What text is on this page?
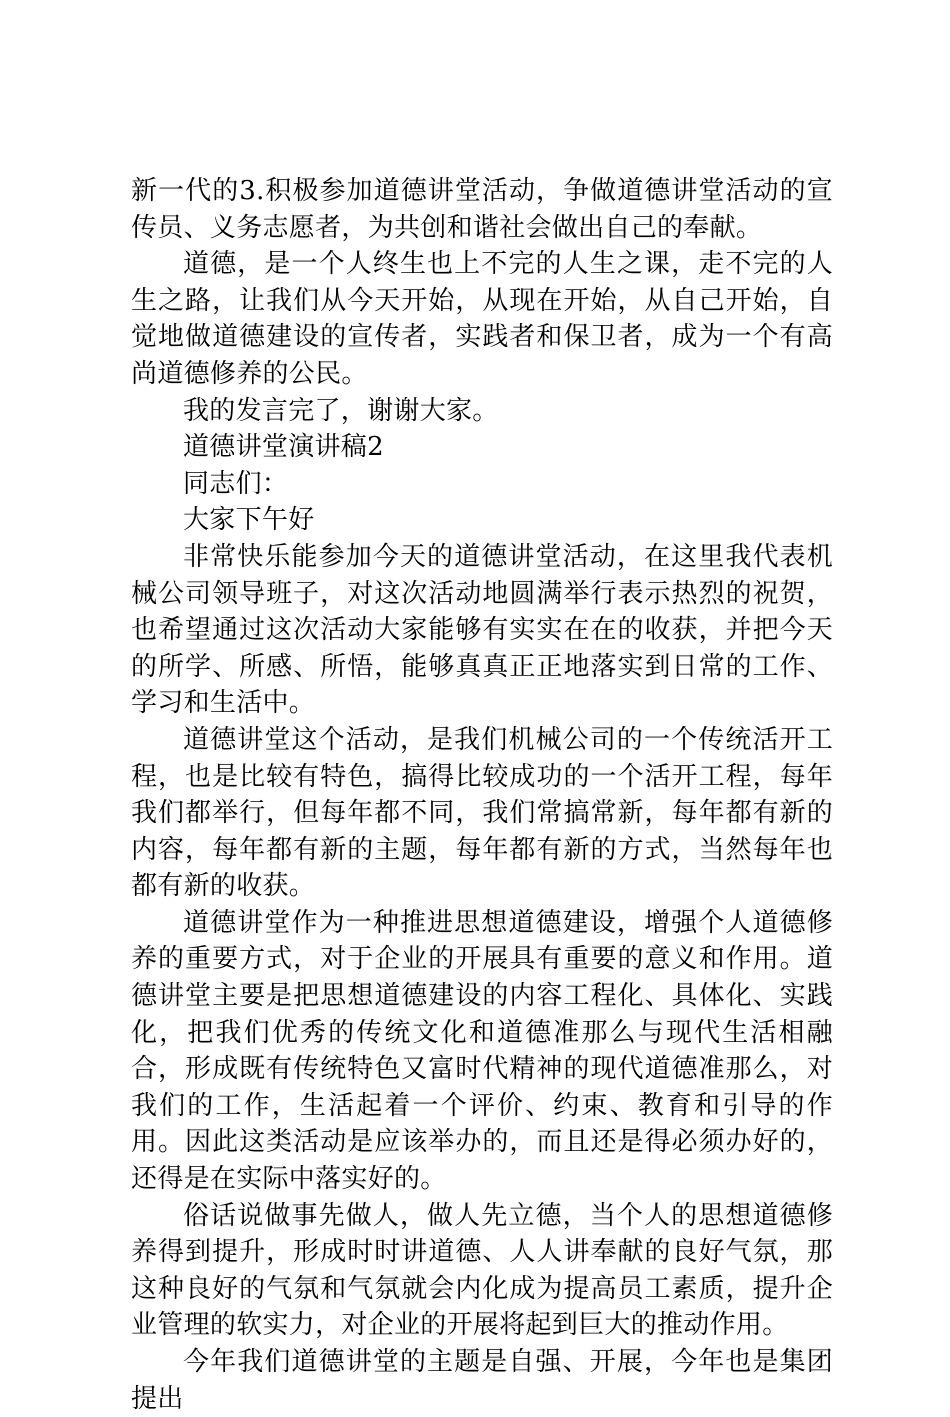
新一代的3.积极参加道德讲堂活动，争做道德讲堂活动的宣传员、义务志愿者，为共创和谐社会做出自己的奉献。

道德，是一个人终生也上不完的人生之课，走不完的人生之路，让我们从今天开始，从现在开始，从自己开始，自觉地做道德建设的宣传者，实践者和保卫者，成为一个有高尚道德修养的公民。

我的发言完了，谢谢大家。

道德讲堂演讲稿2

同志们：

大家下午好

非常快乐能参加今天的道德讲堂活动，在这里我代表机械公司领导班子，对这次活动地圆满举行表示热烈的祝贺，也希望通过这次活动大家能够有实实在在的收获，并把今天的所学、所感、所悟，能够真真正正地落实到日常的工作、学习和生活中。

道德讲堂这个活动，是我们机械公司的一个传统活开工程，也是比较有特色，搞得比较成功的一个活开工程，每年我们都举行，但每年都不同，我们常搞常新，每年都有新的内容，每年都有新的主题，每年都有新的方式，当然每年也都有新的收获。

道德讲堂作为一种推进思想道德建设，增强个人道德修养的重要方式，对于企业的开展具有重要的意义和作用。道德讲堂主要是把思想道德建设的内容工程化、具体化、实践化，把我们优秀的传统文化和道德准那么与现代生活相融合，形成既有传统特色又富时代精神的现代道德准那么，对我们的工作，生活起着一个评价、约束、教育和引导的作用。因此这类活动是应该举办的，而且还是得必须办好的，还得是在实际中落实好的。

俗话说做事先做人，做人先立德，当个人的思想道德修养得到提升，形成时时讲道德、人人讲奉献的良好气氛，那这种良好的气氛和气氛就会内化成为提高员工素质，提升企业管理的软实力，对企业的开展将起到巨大的推动作用。

今年我们道德讲堂的主题是自强、开展，今年也是集团提出
